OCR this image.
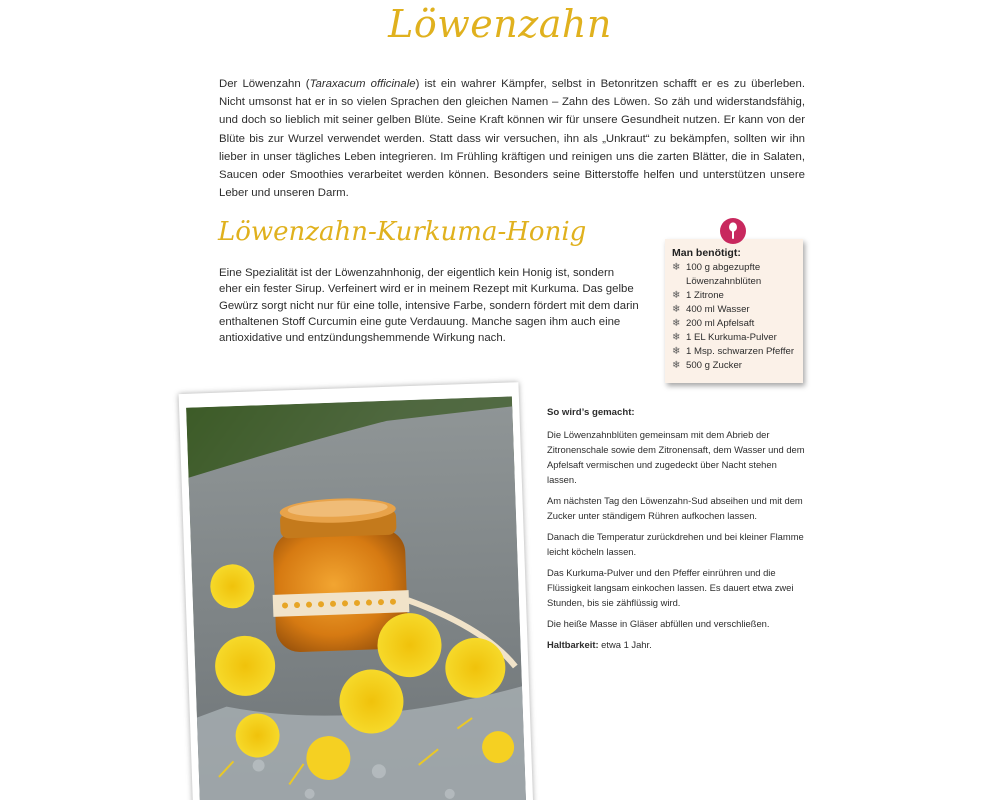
Löwenzahn
Der Löwenzahn (Taraxacum officinale) ist ein wahrer Kämpfer, selbst in Betonritzen schafft er es zu überleben. Nicht umsonst hat er in so vielen Sprachen den gleichen Namen – Zahn des Löwen. So zäh und widerstandsfähig, und doch so lieblich mit seiner gelben Blüte. Seine Kraft können wir für unsere Gesundheit nutzen. Er kann von der Blüte bis zur Wurzel verwendet werden. Statt dass wir versuchen, ihn als „Unkraut“ zu bekämpfen, sollten wir ihn lieber in unser tägliches Leben integrieren. Im Frühling kräftigen und reinigen uns die zarten Blätter, die in Salaten, Saucen oder Smoothies verarbeitet werden können. Besonders seine Bitterstoffe helfen und unterstützen unsere Leber und unseren Darm.
Löwenzahn-Kurkuma-Honig
Eine Spezialität ist der Löwenzahnhonig, der eigentlich kein Honig ist, sondern eher ein fester Sirup. Verfeinert wird er in meinem Rezept mit Kurkuma. Das gelbe Gewürz sorgt nicht nur für eine tolle, intensive Farbe, sondern fördert mit dem darin enthaltenen Stoff Curcumin eine gute Verdauung. Manche sagen ihm auch eine antioxidative und entzündungshemmende Wirkung nach.
Man benötigt:
❄ 100 g abgezupfte Löwenzahnblüten
❄ 1 Zitrone
❄ 400 ml Wasser
❄ 200 ml Apfelsaft
❄ 1 EL Kurkuma-Pulver
❄ 1 Msp. schwarzen Pfeffer
❄ 500 g Zucker
So wird’s gemacht:

Die Löwenzahnblüten gemeinsam mit dem Abrieb der Zitronenschale sowie dem Zitronensaft, dem Wasser und dem Apfelsaft vermischen und zugedeckt über Nacht stehen lassen.

Am nächsten Tag den Löwenzahn-Sud abseihen und mit dem Zucker unter ständigem Rühren aufkochen lassen.

Danach die Temperatur zurückdrehen und bei kleiner Flamme leicht köcheln lassen.

Das Kurkuma-Pulver und den Pfeffer einrühren und die Flüssigkeit langsam einkochen lassen. Es dauert etwa zwei Stunden, bis sie zähflüssig wird.

Die heiße Masse in Gläser abfüllen und verschließen.

Haltbarkeit: etwa 1 Jahr.
